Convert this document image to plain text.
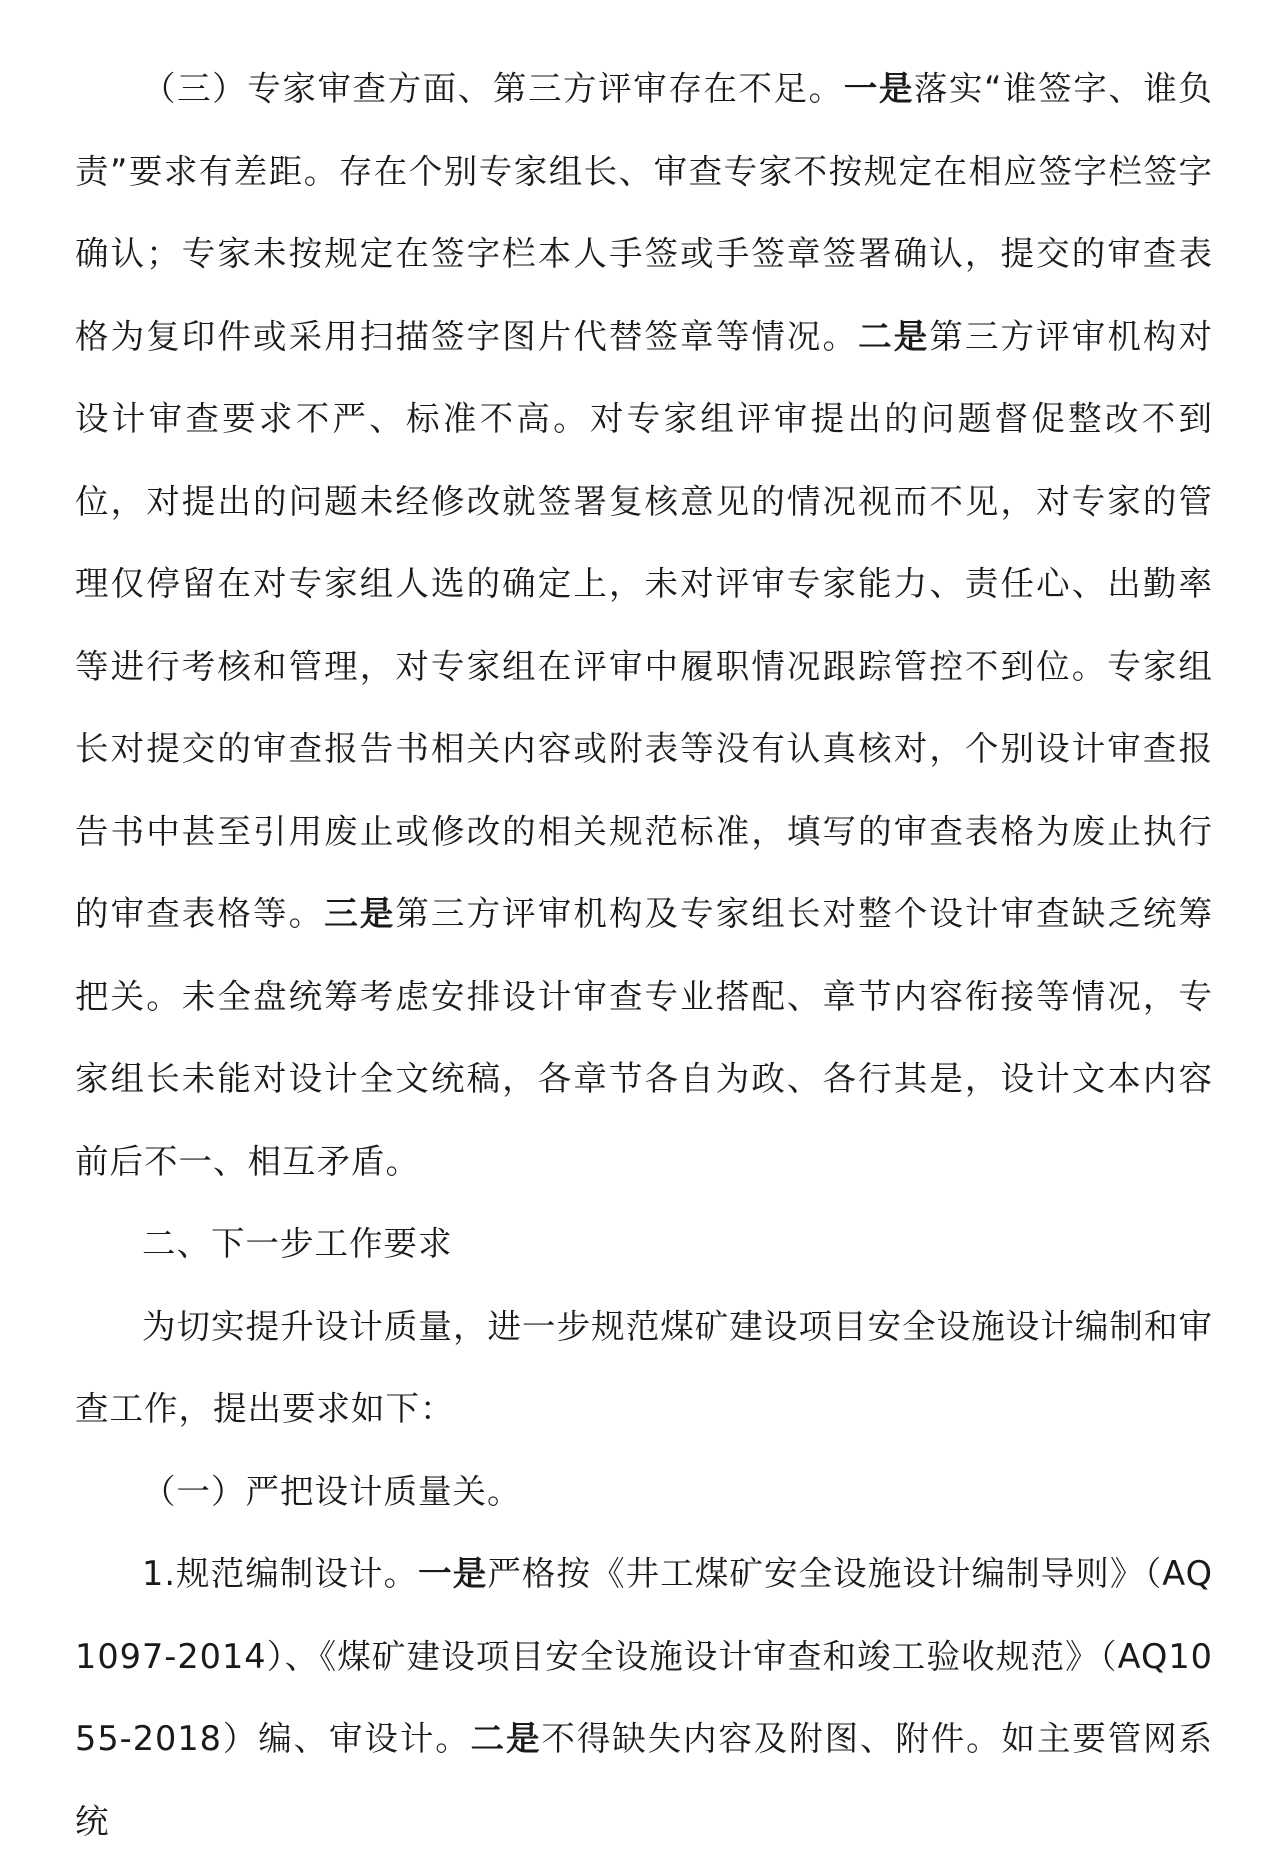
（三）专家审查方面、第三方评审存在不足。一是落实“谁签字、谁负责”要求有差距。存在个别专家组长、审查专家不按规定在相应签字栏签字确认；专家未按规定在签字栏本人手签或手签章签署确认，提交的审查表格为复印件或采用扫描签字图片代替签章等情况。二是第三方评审机构对设计审查要求不严、标准不高。对专家组评审提出的问题督促整改不到位，对提出的问题未经修改就签署复核意见的情况视而不见，对专家的管理仅停留在对专家组人选的确定上，未对评审专家能力、责任心、出勤率等进行考核和管理，对专家组在评审中履职情况跟踪管控不到位。专家组长对提交的审查报告书相关内容或附表等没有认真核对，个别设计审查报告书中甚至引用废止或修改的相关规范标准，填写的审查表格为废止执行的审查表格等。三是第三方评审机构及专家组长对整个设计审查缺乏统筹把关。未全盘统筹考虑安排设计审查专业搭配、章节内容衔接等情况，专家组长未能对设计全文统稿，各章节各自为政、各行其是，设计文本内容前后不一、相互矛盾。

二、下一步工作要求

为切实提升设计质量，进一步规范煤矿建设项目安全设施设计编制和审查工作，提出要求如下：

（一）严把设计质量关。

1.规范编制设计。一是严格按《井工煤矿安全设施设计编制导则》（AQ 1097-2014）、《煤矿建设项目安全设施设计审查和竣工验收规范》（AQ1055-2018）编、审设计。二是不得缺失内容及附图、附件。如主要管网系统
